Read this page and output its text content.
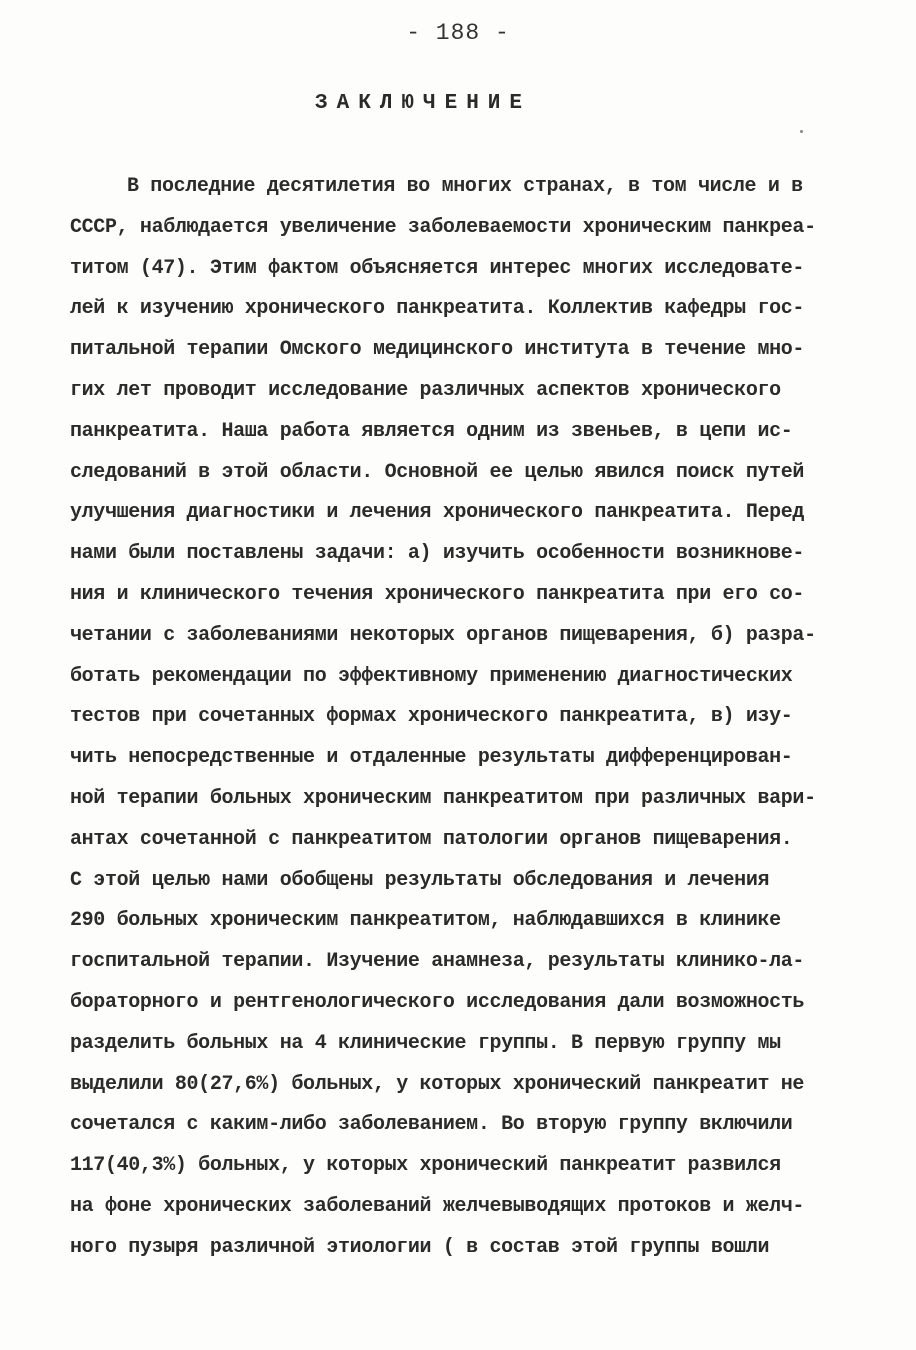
- 188 -
ЗАКЛЮЧЕНИЕ
В последние десятилетия во многих странах, в том числе и в
СССР, наблюдается увеличение заболеваемости хроническим панкреа-
титом (47). Этим фактом объясняется интерес многих исследовате-
лей к изучению хронического панкреатита. Коллектив кафедры гос-
питальной терапии Омского медицинского института в течение мно-
гих лет проводит исследование различных аспектов хронического
панкреатита. Наша работа является одним из звеньев, в цепи ис-
следований в этой области. Основной ее целью явился поиск путей
улучшения диагностики и лечения хронического панкреатита. Перед
нами были поставлены задачи: а) изучить особенности возникнове-
ния и клинического течения хронического панкреатита при его со-
четании с заболеваниями некоторых органов пищеварения, б) разра-
ботать рекомендации по эффективному применению диагностических
тестов при сочетанных формах хронического панкреатита, в) изу-
чить непосредственные и отдаленные результаты дифференцирован-
ной терапии больных хроническим панкреатитом при различных вари-
антах сочетанной с панкреатитом патологии органов пищеварения.
С этой целью нами обобщены результаты обследования и лечения
290 больных хроническим панкреатитом, наблюдавшихся в клинике
госпитальной терапии. Изучение анамнеза, результаты клинико-ла-
бораторного и рентгенологического исследования дали возможность
разделить больных на 4 клинические группы. В первую группу мы
выделили 80(27,6%) больных, у которых хронический панкреатит не
сочетался с каким-либо заболеванием. Во вторую группу включили
117(40,3%) больных, у которых хронический панкреатит развился
на фоне хронических заболеваний желчевыводящих протоков и желч-
ного пузыря различной этиологии ( в состав этой группы вошли
